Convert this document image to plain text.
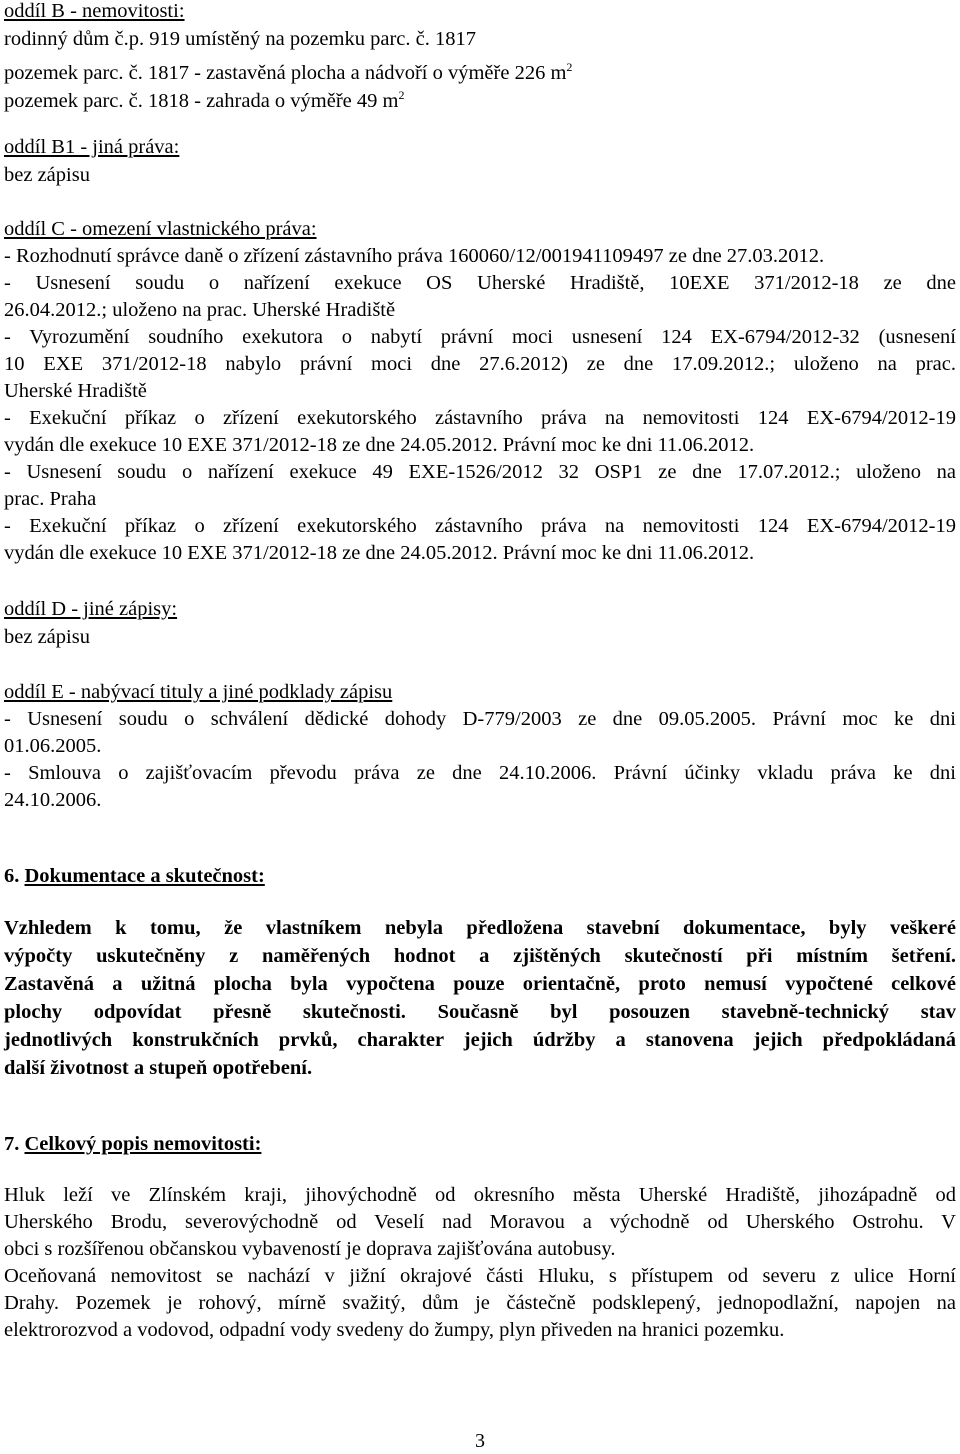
oddíl B - nemovitosti:
rodinný dům č.p. 919 umístěný na pozemku parc. č. 1817
pozemek parc. č. 1817 - zastavěná plocha a nádvoří o výměře 226 $m^2$
pozemek parc. č. 1818 - zahrada o výměře 49 $m^2$
oddíl B1 - jiná práva:
bez zápisu
oddíl C - omezení vlastnického práva:
- Rozhodnutí správce daně o zřízení zástavního práva 160060/12/001941109497 ze dne 27.03.2012.
- Usnesení soudu o nařízení exekuce OS Uherské Hradiště, 10EXE 371/2012-18 ze dne
26.04.2012.; uloženo na prac. Uherské Hradiště
- Vyrozumění soudního exekutora o nabytí právní moci usnesení 124 EX-6794/2012-32 (usnesení
10 EXE 371/2012-18 nabylo právní moci dne 27.6.2012) ze dne 17.09.2012.; uloženo na prac.
Uherské Hradiště
- Exekuční příkaz o zřízení exekutorského zástavního práva na nemovitosti 124 EX-6794/2012-19
vydán dle exekuce 10 EXE 371/2012-18 ze dne 24.05.2012. Právní moc ke dni 11.06.2012.
- Usnesení soudu o nařízení exekuce 49 EXE-1526/2012 32 OSP1 ze dne 17.07.2012.; uloženo na
prac. Praha
- Exekuční příkaz o zřízení exekutorského zástavního práva na nemovitosti 124 EX-6794/2012-19
vydán dle exekuce 10 EXE 371/2012-18 ze dne 24.05.2012. Právní moc ke dni 11.06.2012.
oddíl D - jiné zápisy:
bez zápisu
oddíl E - nabývací tituly a jiné podklady zápisu
- Usnesení soudu o schválení dědické dohody D-779/2003 ze dne 09.05.2005. Právní moc ke dni
01.06.2005.
- Smlouva o zajišťovacím převodu práva ze dne 24.10.2006. Právní účinky vkladu práva ke dni
24.10.2006.
6. Dokumentace a skutečnost:
Vzhledem k tomu, že vlastníkem nebyla předložena stavební dokumentace, byly veškeré
výpočty uskutečněny z naměřených hodnot a zjištěných skutečností při místním šetření.
Zastavěná a užitná plocha byla vypočtena pouze orientačně, proto nemusí vypočtené celkové
plochy odpovídat přesně skutečnosti. Současně byl posouzen stavebně-technický stav
jednotlivých konstrukčních prvků, charakter jejich údržby a stanovena jejich předpokládaná
další životnost a stupeň opotřebení.
7. Celkový popis nemovitosti:
Hluk leží ve Zlínském kraji, jihovýchodně od okresního města Uherské Hradiště, jihozápadně od
Uherského Brodu, severovýchodně od Veselí nad Moravou a východně od Uherského Ostrohu. V
obci s rozšířenou občanskou vybaveností je doprava zajišťována autobusy.
Oceňovaná nemovitost se nachází v jižní okrajové části Hluku, s přístupem od severu z ulice Horní
Drahy. Pozemek je rohový, mírně svažitý, dům je částečně podsklepený, jednopodlažní, napojen na
elektrorozvod a vodovod, odpadní vody svedeny do žumpy, plyn přiveden na hranici pozemku.
3
